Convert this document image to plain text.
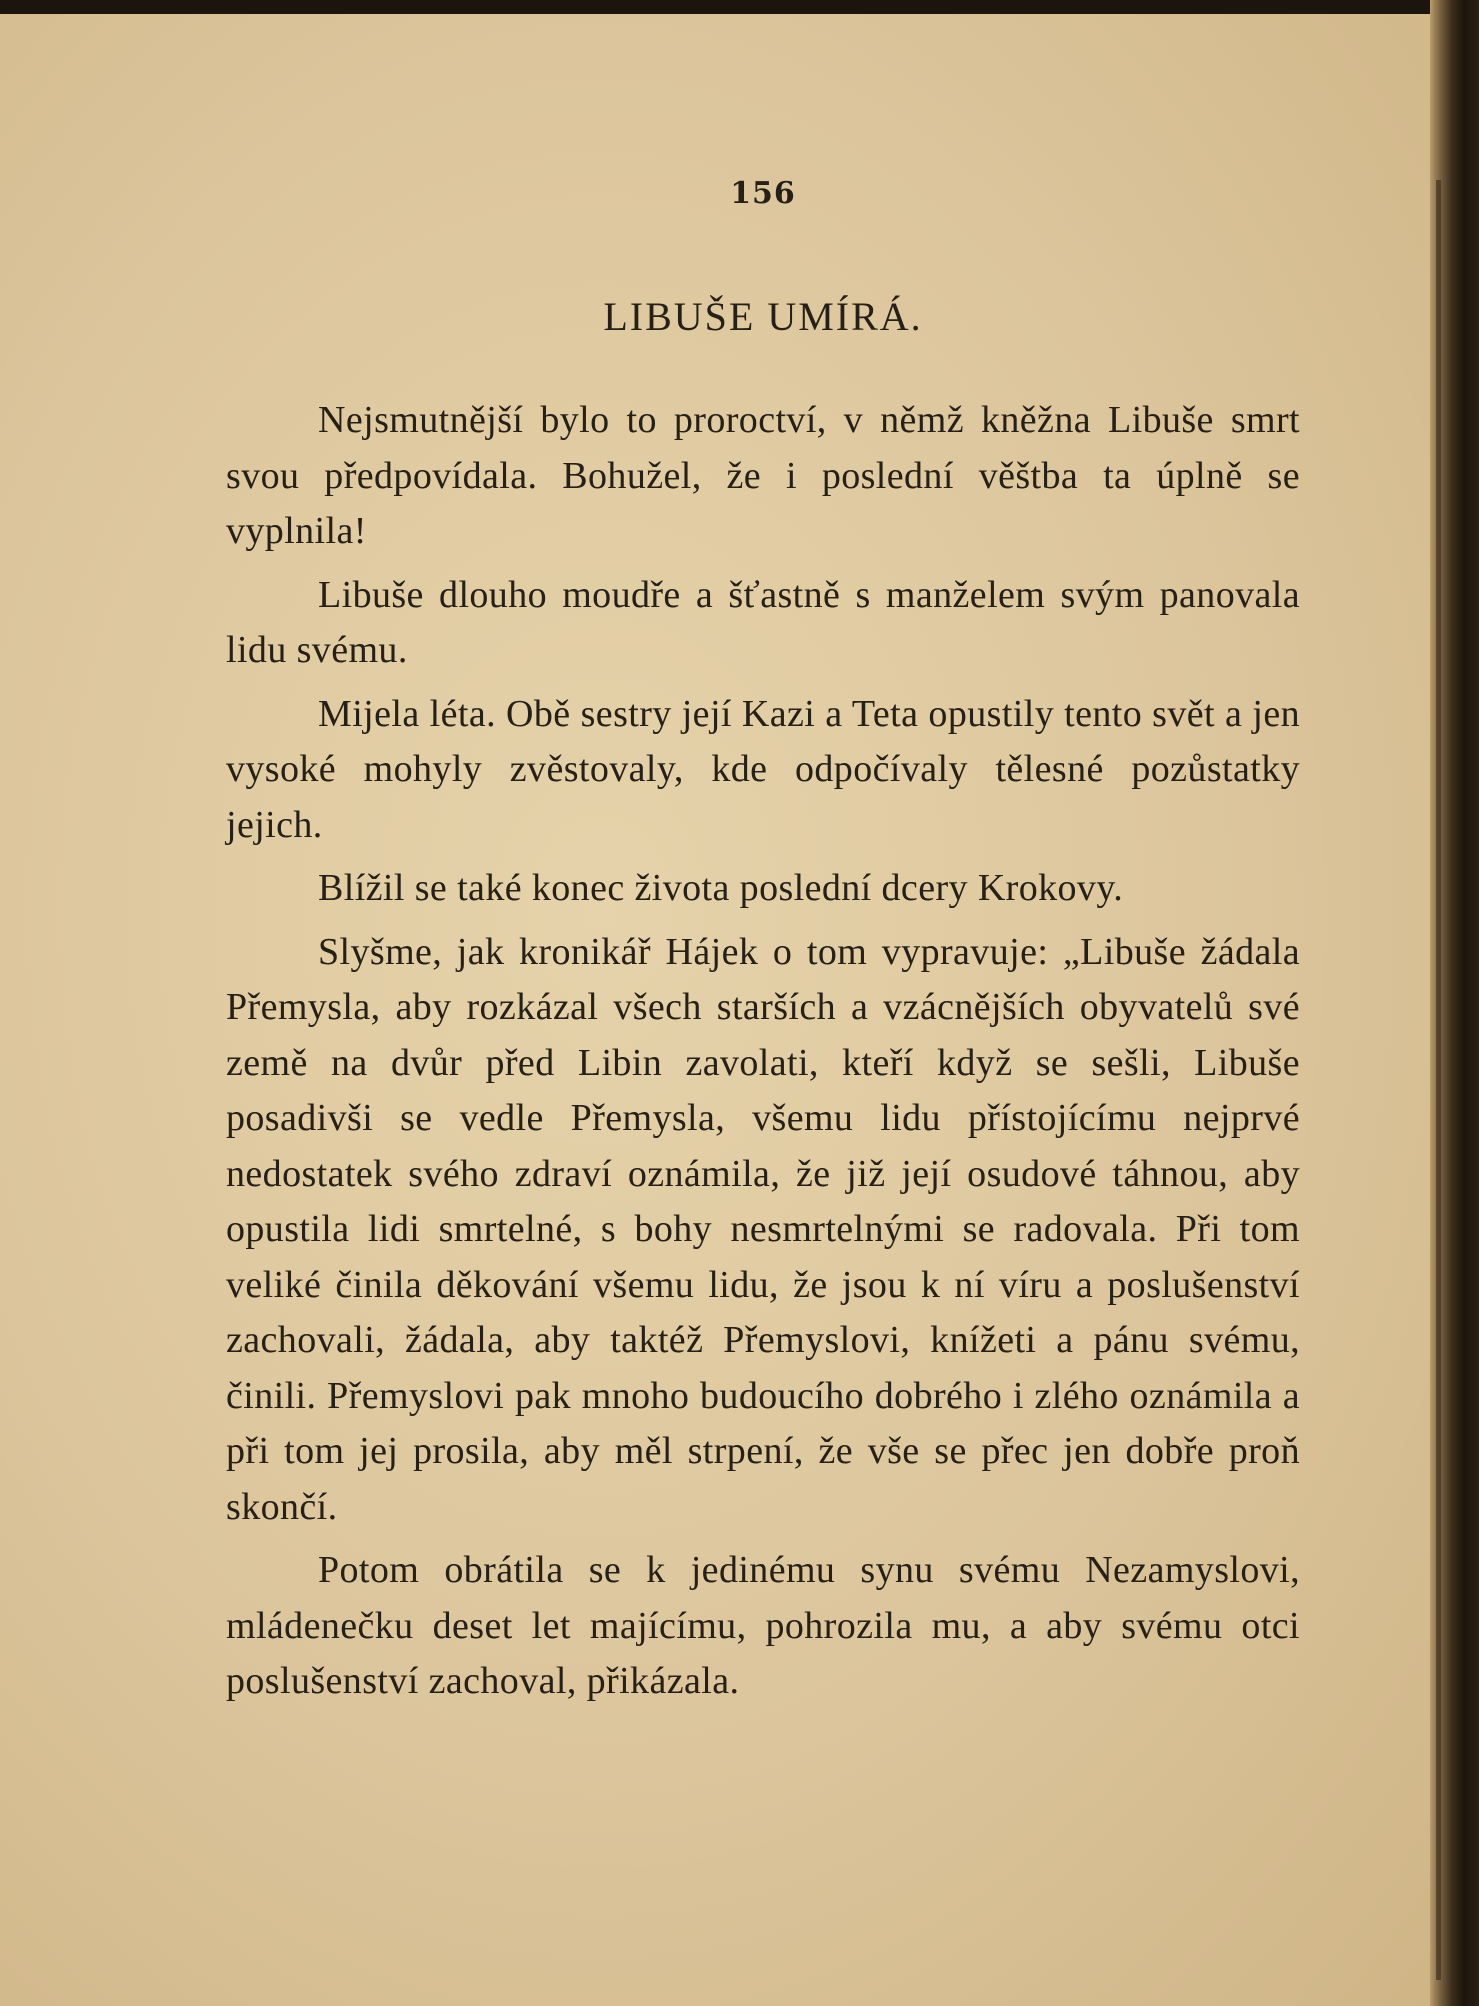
156
LIBUŠE UMÍRÁ.

Nejsmutnější bylo to proroctví, v němž kněžna Libuše smrt svou předpovídala. Bohužel, že i poslední věštba ta úplně se vyplnila!

Libuše dlouho moudře a šťastně s manželem svým panovala lidu svému.

Mijela léta. Obě sestry její Kazi a Teta opustily tento svět a jen vysoké mohyly zvěstovaly, kde odpočívaly tělesné pozůstatky jejich.

Blížil se také konec života poslední dcery Krokovy.

Slyšme, jak kronikář Hájek o tom vypravuje: „Libuše žádala Přemysla, aby rozkázal všech starších a vzácnějších obyvatelů své země na dvůr před Libin zavolati, kteří když se sešli, Libuše posadivši se vedle Přemysla, všemu lidu přístojícímu nejprvé nedostatek svého zdraví oznámila, že již její osudové táhnou, aby opustila lidi smrtelné, s bohy nesmrtelnými se radovala. Při tom veliké činila děkování všemu lidu, že jsou k ní víru a poslušenství zachovali, žádala, aby taktéž Přemyslovi, knížeti a pánu svému, činili. Přemyslovi pak mnoho budoucího dobrého i zlého oznámila a při tom jej prosila, aby měl strpení, že vše se přec jen dobře proň skončí.

Potom obrátila se k jedinému synu svému Nezamyslovi, mládenečku deset let majícímu, pohrozila mu, a aby svému otci poslušenství zachoval, přikázala.
